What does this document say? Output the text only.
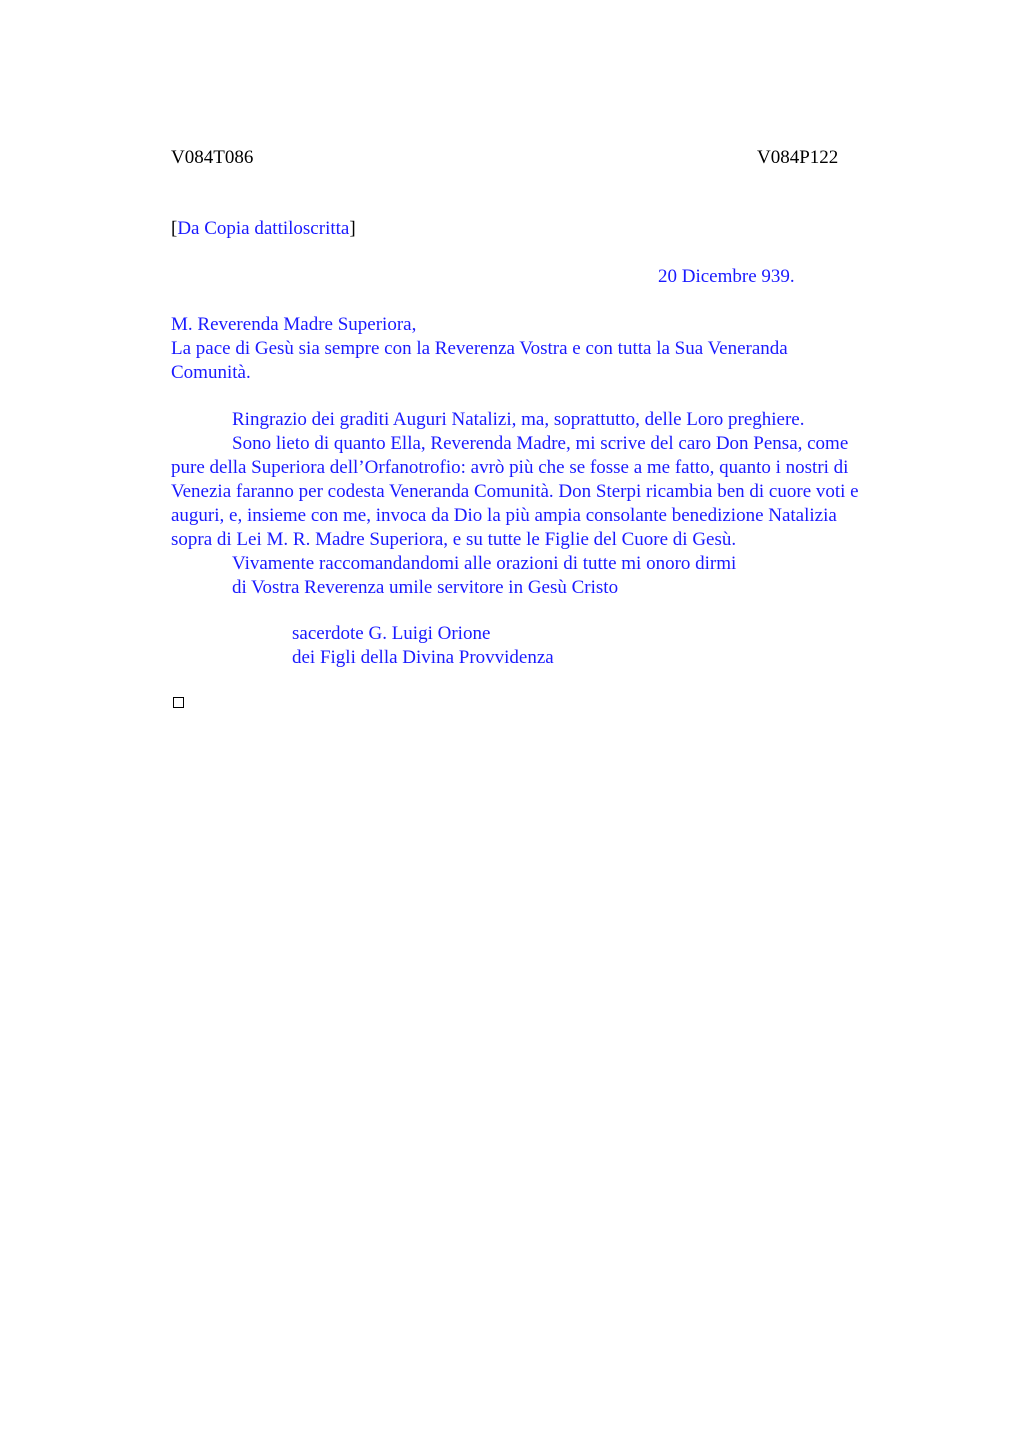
V084T086	V084P122
[Da Copia dattiloscritta]
20 Dicembre 939.
M. Reverenda Madre Superiora,
La pace di Gesù sia sempre con la Reverenza Vostra e con tutta la Sua Veneranda
Comunità.

Ringrazio dei graditi Auguri Natalizi, ma, soprattutto, delle Loro preghiere.

Sono lieto di quanto Ella, Reverenda Madre, mi scrive del caro Don Pensa, come

pure della Superiora dell’Orfanotrofio: avrò più che se fosse a me fatto, quanto i nostri di

Venezia faranno per codesta Veneranda Comunità. Don Sterpi ricambia ben di cuore voti e

auguri, e, insieme con me, invoca da Dio la più ampia consolante benedizione Natalizia

sopra di Lei M. R. Madre Superiora, e su tutte le Figlie del Cuore di Gesù.

Vivamente raccomandandomi alle orazioni di tutte mi onoro dirmi

di Vostra Reverenza umile servitore in Gesù Cristo

sacerdote G. Luigi Orione
dei Figli della Divina Provvidenza
